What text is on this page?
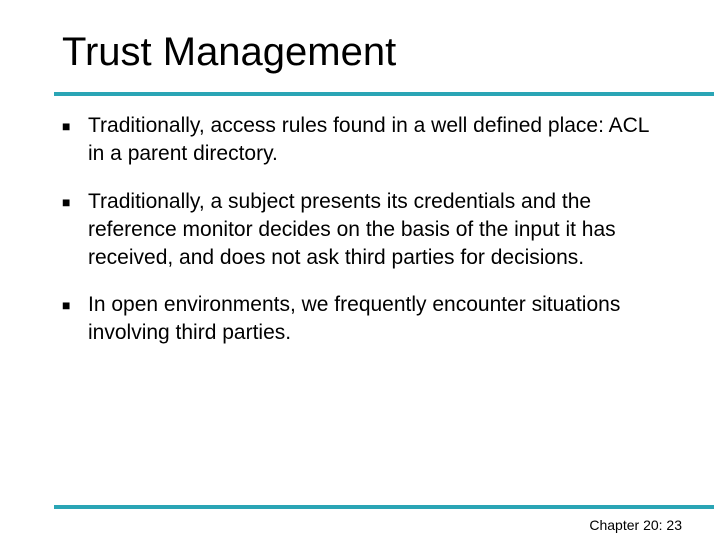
Trust Management
■ Traditionally, access rules found in a well defined place: ACL in a parent directory.
■ Traditionally, a subject presents its credentials and the reference monitor decides on the basis of the input it has received, and does not ask third parties for decisions.
■ In open environments, we frequently encounter situations involving third parties.
Chapter 20: 23
